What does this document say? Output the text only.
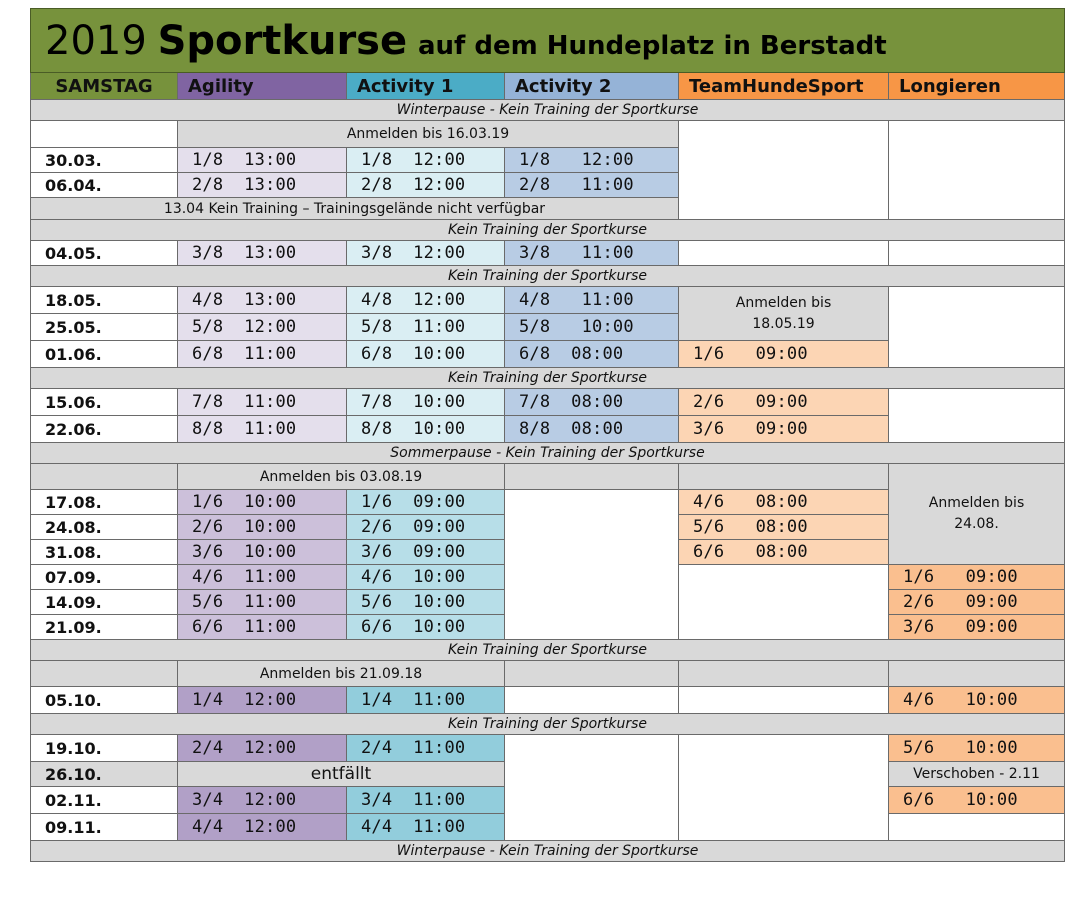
2019 Sportkurse auf dem Hundeplatz in Berstadt					
SAMSTAG	Agility	Activity 1	Activity 2	TeamHundeSport	Longieren
Winterpause - Kein Training der Sportkurse					
	Anmelden bis 16.03.19				
30.03.	1/8  13:00	1/8  12:00	1/8   12:00		
06.04.	2/8  13:00	2/8  12:00	2/8   11:00		
13.04 Kein Training – Trainingsgelände nicht verfügbar					
Kein Training der Sportkurse					
04.05.	3/8  13:00	3/8  12:00	3/8   11:00		
Kein Training der Sportkurse					
18.05.	4/8  13:00	4/8  12:00	4/8   11:00	Anmelden bis 18.05.19	

25.05.	5/8  12:00	5/8  11:00	5/8   10:00		
01.06.	6/8  11:00	6/8  10:00	6/8  08:00	1/6   09:00	
Kein Training der Sportkurse					
15.06.	7/8  11:00	7/8  10:00	7/8  08:00	2/6   09:00	
22.06.	8/8  11:00	8/8  10:00	8/8  08:00	3/6   09:00	
Sommerpause - Kein Training der Sportkurse					
	Anmelden bis 03.08.19				Anmelden bis 24.08.

17.08.	1/6  10:00	1/6  09:00		4/6   08:00	
24.08.	2/6  10:00	2/6  09:00		5/6   08:00	
31.08.	3/6  10:00	3/6  09:00		6/6   08:00	
07.09.	4/6  11:00	4/6  10:00			1/6   09:00
14.09.	5/6  11:00	5/6  10:00			2/6   09:00
21.09.	6/6  11:00	6/6  10:00			3/6   09:00
Kein Training der Sportkurse					
	Anmelden bis 21.09.18				
05.10.	1/4  12:00	1/4  11:00			4/6   10:00
Kein Training der Sportkurse					
19.10.	2/4  12:00	2/4  11:00			5/6   10:00
26.10.	entfällt				Verschoben - 2.11
02.11.	3/4  12:00	3/4  11:00			6/6   10:00
09.11.	4/4  12:00	4/4  11:00			
Winterpause - Kein Training der Sportkurse					
